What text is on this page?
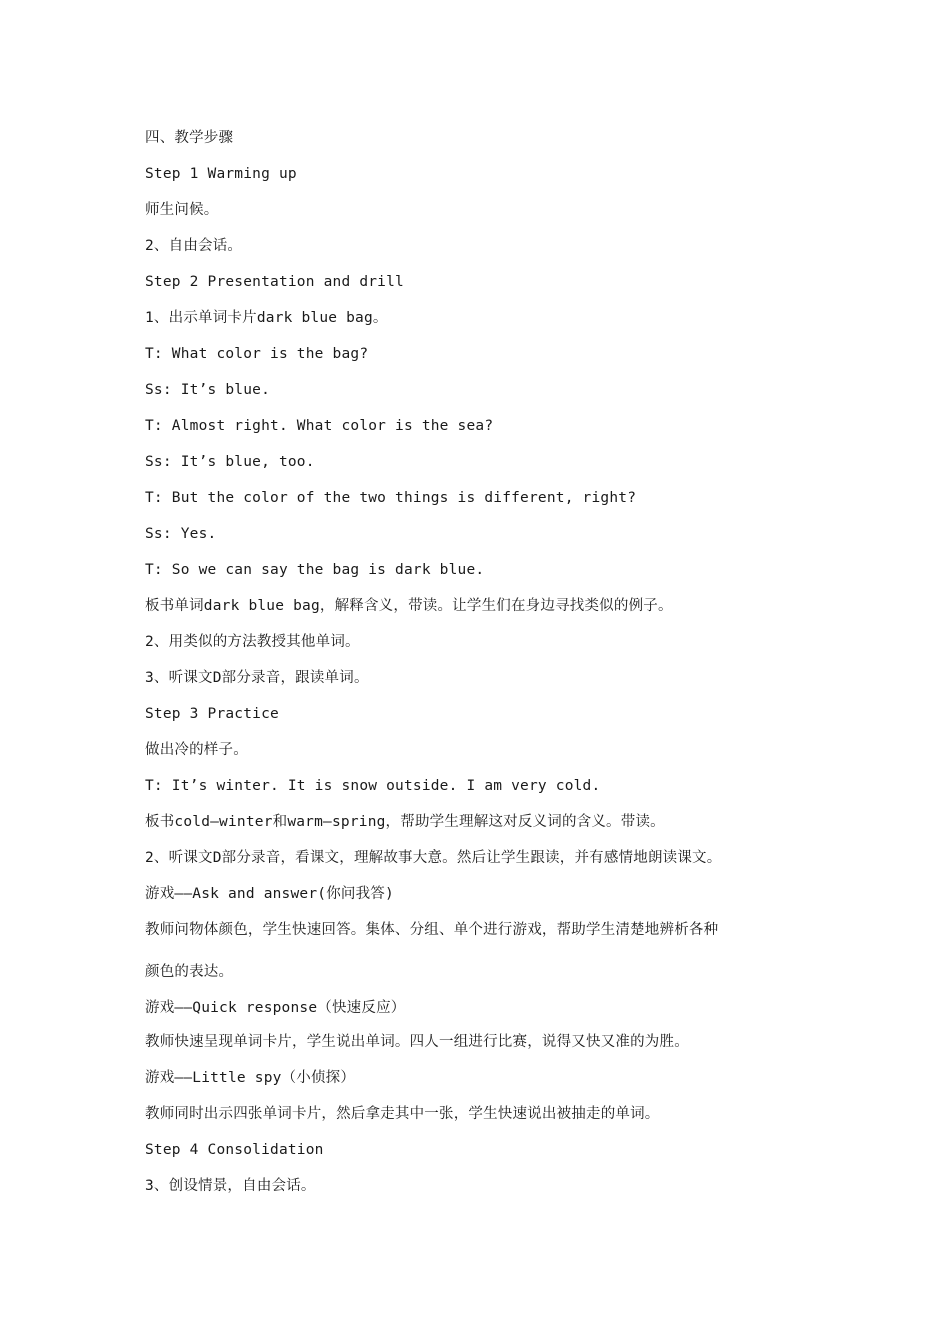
四、教学步骤
Step 1 Warming up
师生问候。
2、自由会话。
Step 2 Presentation and drill
1、出示单词卡片dark blue bag。
T: What color is the bag?
Ss: It’s blue.
T: Almost right. What color is the sea?
Ss: It’s blue, too.
T: But the color of the two things is different, right?
Ss: Yes.
T: So we can say the bag is dark blue.
板书单词dark blue bag，解释含义，带读。让学生们在身边寻找类似的例子。
2、用类似的方法教授其他单词。
3、听课文D部分录音，跟读单词。
Step 3 Practice
做出冷的样子。
T: It’s winter. It is snow outside. I am very cold.
板书cold—winter和warm—spring，帮助学生理解这对反义词的含义。带读。
2、听课文D部分录音，看课文，理解故事大意。然后让学生跟读，并有感情地朗读课文。
游戏——Ask and answer(你问我答)
教师问物体颜色，学生快速回答。集体、分组、单个进行游戏，帮助学生清楚地辨析各种
颜色的表达。
游戏——Quick response（快速反应）
教师快速呈现单词卡片，学生说出单词。四人一组进行比赛，说得又快又准的为胜。
游戏——Little spy（小侦探）
教师同时出示四张单词卡片，然后拿走其中一张，学生快速说出被抽走的单词。
Step 4 Consolidation
3、创设情景，自由会话。
